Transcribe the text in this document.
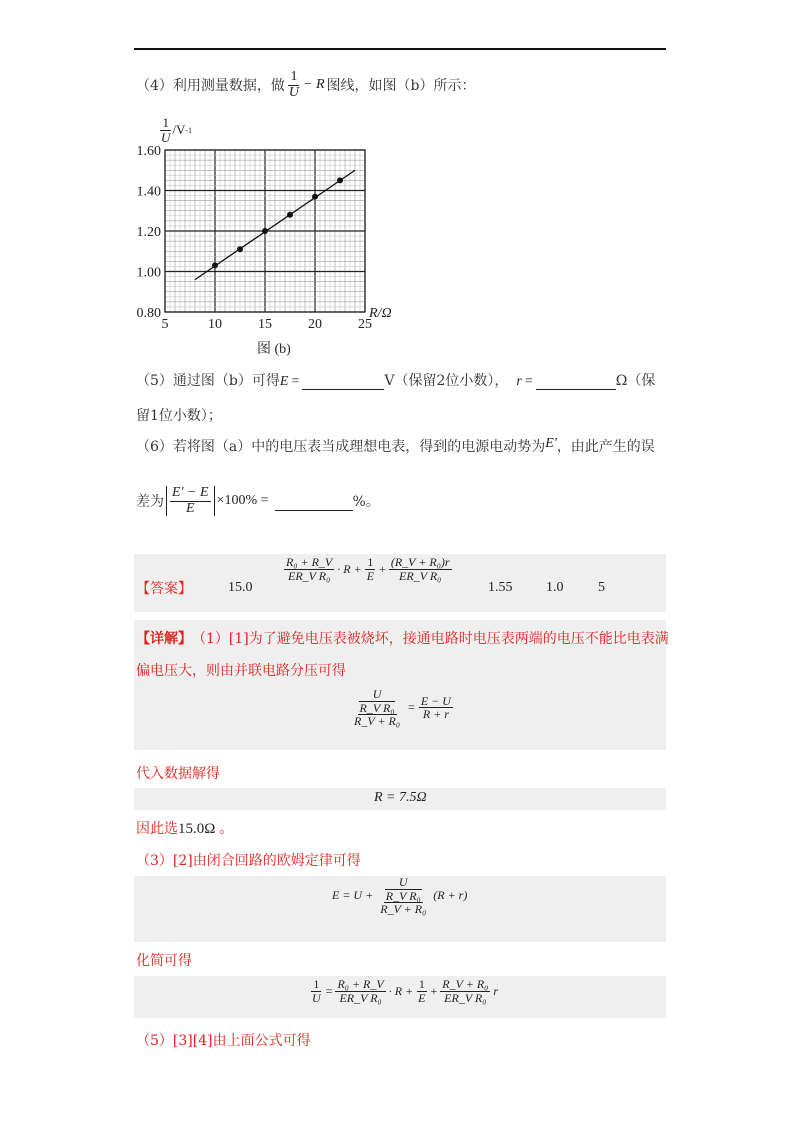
（4）利用测量数据，做 $\frac{1}{U} - R$ 图线，如图（b）所示：
$\frac{1}{U} /V$ -1
5	10	15	20	25
0.80
1.00
1.20
1.40
1.60
R/Ω
图 (b)
（5）通过图（b）可得 E =	V（保留2位小数）， r =	Ω（保
留1位小数）；
（6）若将图（a）中的电压表当成理想电表，得到的电源电动势为 E' ，由此产生的误
差为 $\frac{E' - E}{E} \times 100\%$ =	%。
【答案】	15.0
$\frac{\text{R₀ + R\_V}}{\text{ER\_V R₀}} \cdot R + \frac{1}{E} + \frac{\text{(R\_V + R₀)r}}{\text{ER\_V R₀}}$
1.55 1.0 5
【详解】 （1）[1]为了避免电压表被烧坏，接通电路时电压表两端的电压不能比电表满
偏电压大，则由并联电路分压可得
$\frac{U}{\frac{\text{R\_V R₀}}{\text{R\_V + R₀}}} = \frac{E - U}{R + r}$
代入数据解得
R = 7.5Ω
因此选 15.0Ω 。
（3）[2]由闭合回路的欧姆定律可得
$E = U + \frac{U}{\frac{\text{R\_V R₀}}{\text{R\_V + R₀}}} (R + r)$
化简可得
$\frac{1}{U} = \frac{\text{R₀ + R\_V}}{\text{ER\_V R₀}} \cdot R + \frac{1}{E} + \frac{\text{R\_V + R₀}}{\text{ER\_V R₀}}$ r
（5）[3][4]由上面公式可得
